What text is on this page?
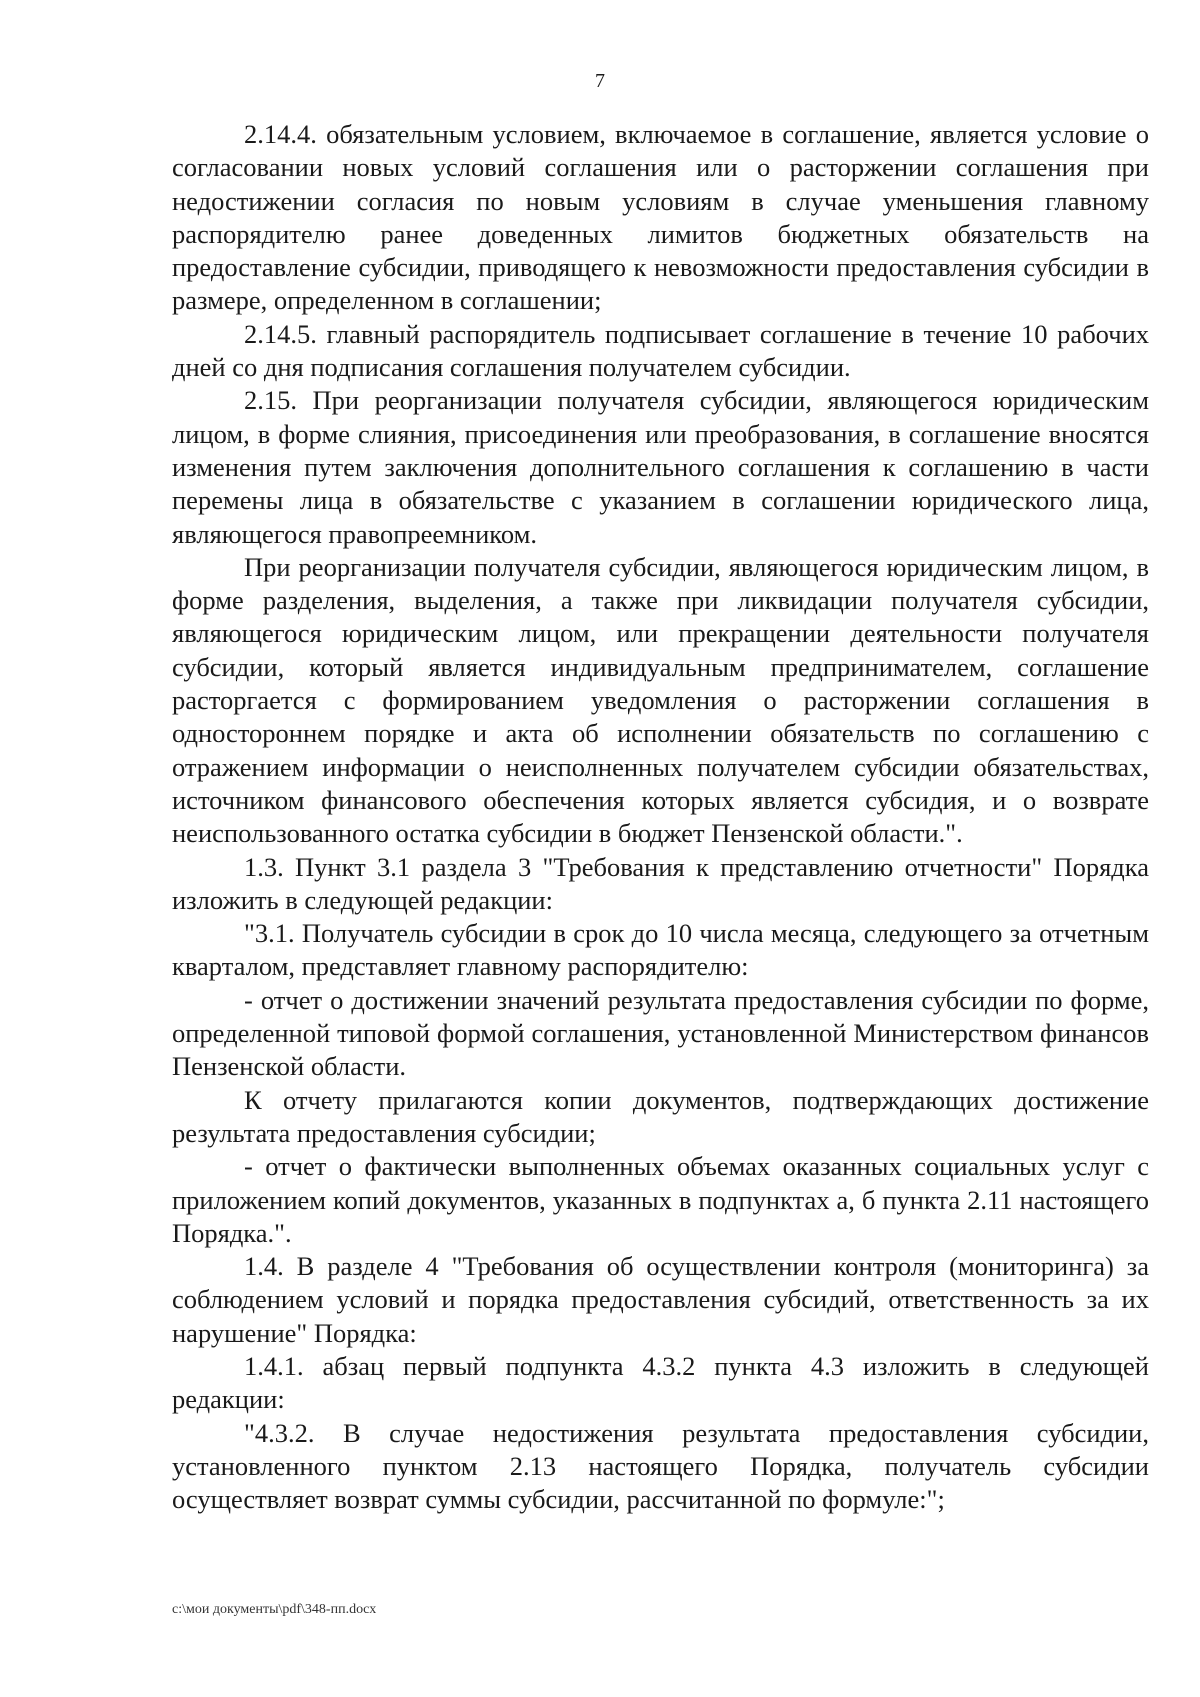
7

2.14.4. обязательным условием, включаемое в соглашение, является условие о согласовании новых условий соглашения или о расторжении соглашения при недостижении согласия по новым условиям в случае уменьшения главному распорядителю ранее доведенных лимитов бюджетных обязательств на предоставление субсидии, приводящего к невозможности предоставления субсидии в размере, определенном в соглашении;

2.14.5. главный распорядитель подписывает соглашение в течение 10 рабочих дней со дня подписания соглашения получателем субсидии.

2.15. При реорганизации получателя субсидии, являющегося юридическим лицом, в форме слияния, присоединения или преобразования, в соглашение вносятся изменения путем заключения дополнительного соглашения к соглашению в части перемены лица в обязательстве с указанием в соглашении юридического лица, являющегося правопреемником.

При реорганизации получателя субсидии, являющегося юридическим лицом, в форме разделения, выделения, а также при ликвидации получателя субсидии, являющегося юридическим лицом, или прекращении деятельности получателя субсидии, который является индивидуальным предпринимателем, соглашение расторгается с формированием уведомления о расторжении соглашения в одностороннем порядке и акта об исполнении обязательств по соглашению с отражением информации о неисполненных получателем субсидии обязательствах, источником финансового обеспечения которых является субсидия, и о возврате неиспользованного остатка субсидии в бюджет Пензенской области.".

1.3. Пункт 3.1 раздела 3 "Требования к представлению отчетности" Порядка изложить в следующей редакции:

"3.1. Получатель субсидии в срок до 10 числа месяца, следующего за отчетным кварталом, представляет главному распорядителю:

- отчет о достижении значений результата предоставления субсидии по форме, определенной типовой формой соглашения, установленной Министерством финансов Пензенской области.

К отчету прилагаются копии документов, подтверждающих достижение результата предоставления субсидии;

- отчет о фактически выполненных объемах оказанных социальных услуг с приложением копий документов, указанных в подпунктах а, б пункта 2.11 настоящего Порядка.".

1.4. В разделе 4 "Требования об осуществлении контроля (мониторинга) за соблюдением условий и порядка предоставления субсидий, ответственность за их нарушение" Порядка:

1.4.1. абзац первый подпункта 4.3.2 пункта 4.3 изложить в следующей редакции:

"4.3.2. В случае недостижения результата предоставления субсидии, установленного пунктом 2.13 настоящего Порядка, получатель субсидии осуществляет возврат суммы субсидии, рассчитанной по формуле:";

c:\мои документы\pdf\348-пп.docx
